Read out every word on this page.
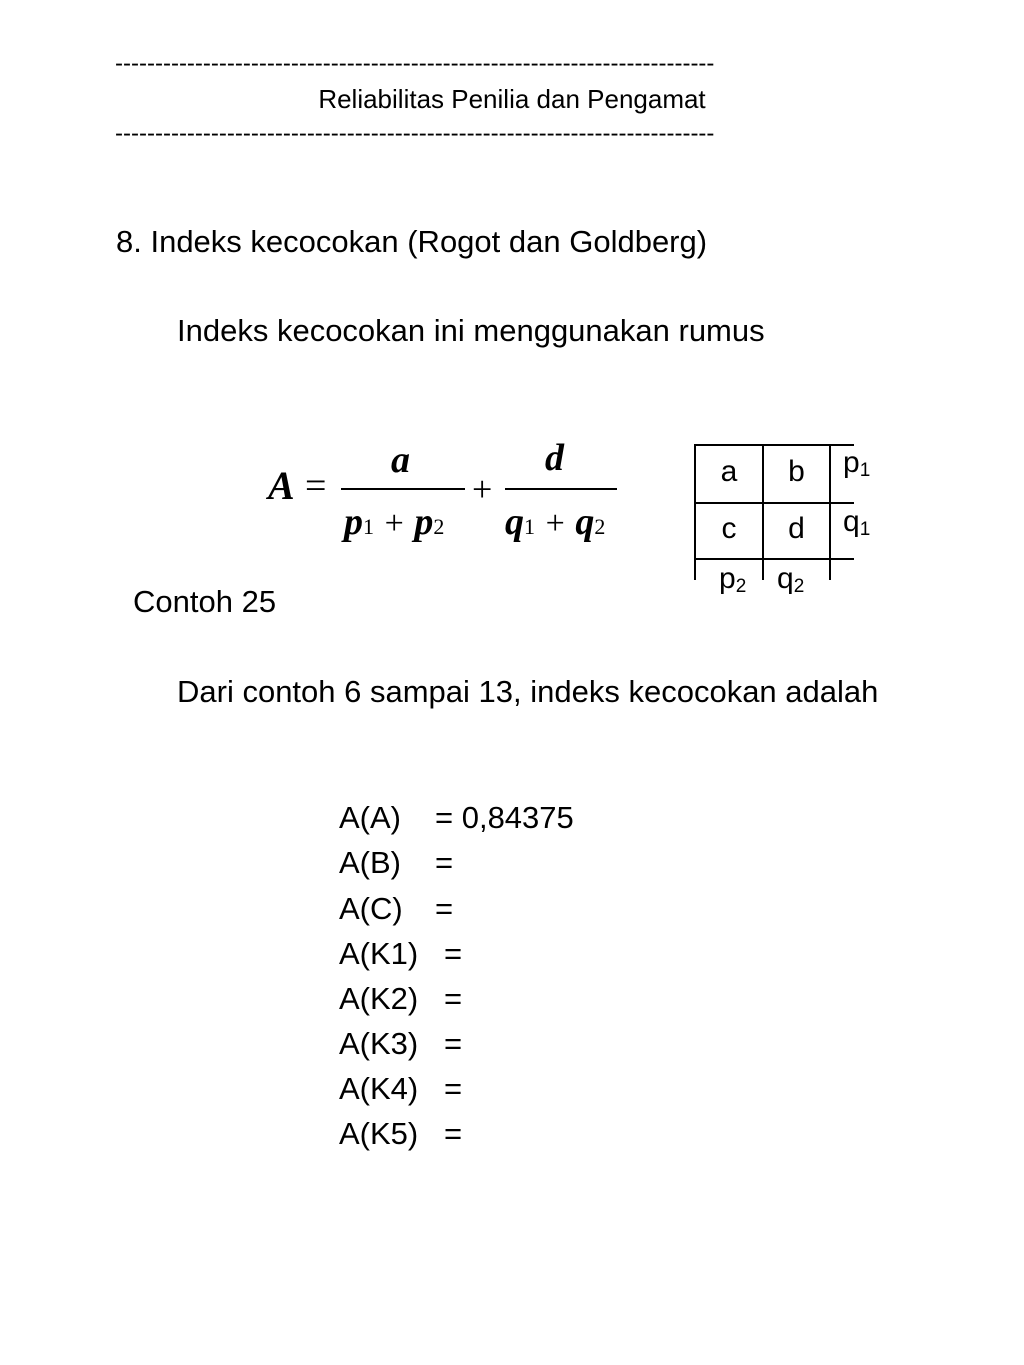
---------------------------------------------------------------------------
Reliabilitas Penilia dan Pengamat
---------------------------------------------------------------------------
8. Indeks kecocokan (Rogot dan Goldberg)
Indeks kecocokan ini menggunakan rumus
A =
a
p1 + p2
+
d
q1 + q2
a	b
c	d
$p_1$
$q_1$
$p_2$ $q_2$
Contoh 25
Dari contoh 6 sampai 13, indeks kecocokan adalah
A(A) = 0,84375
A(B) =
A(C) =
A(K1) =
A(K2) =
A(K3) =
A(K4) =
A(K5) =
